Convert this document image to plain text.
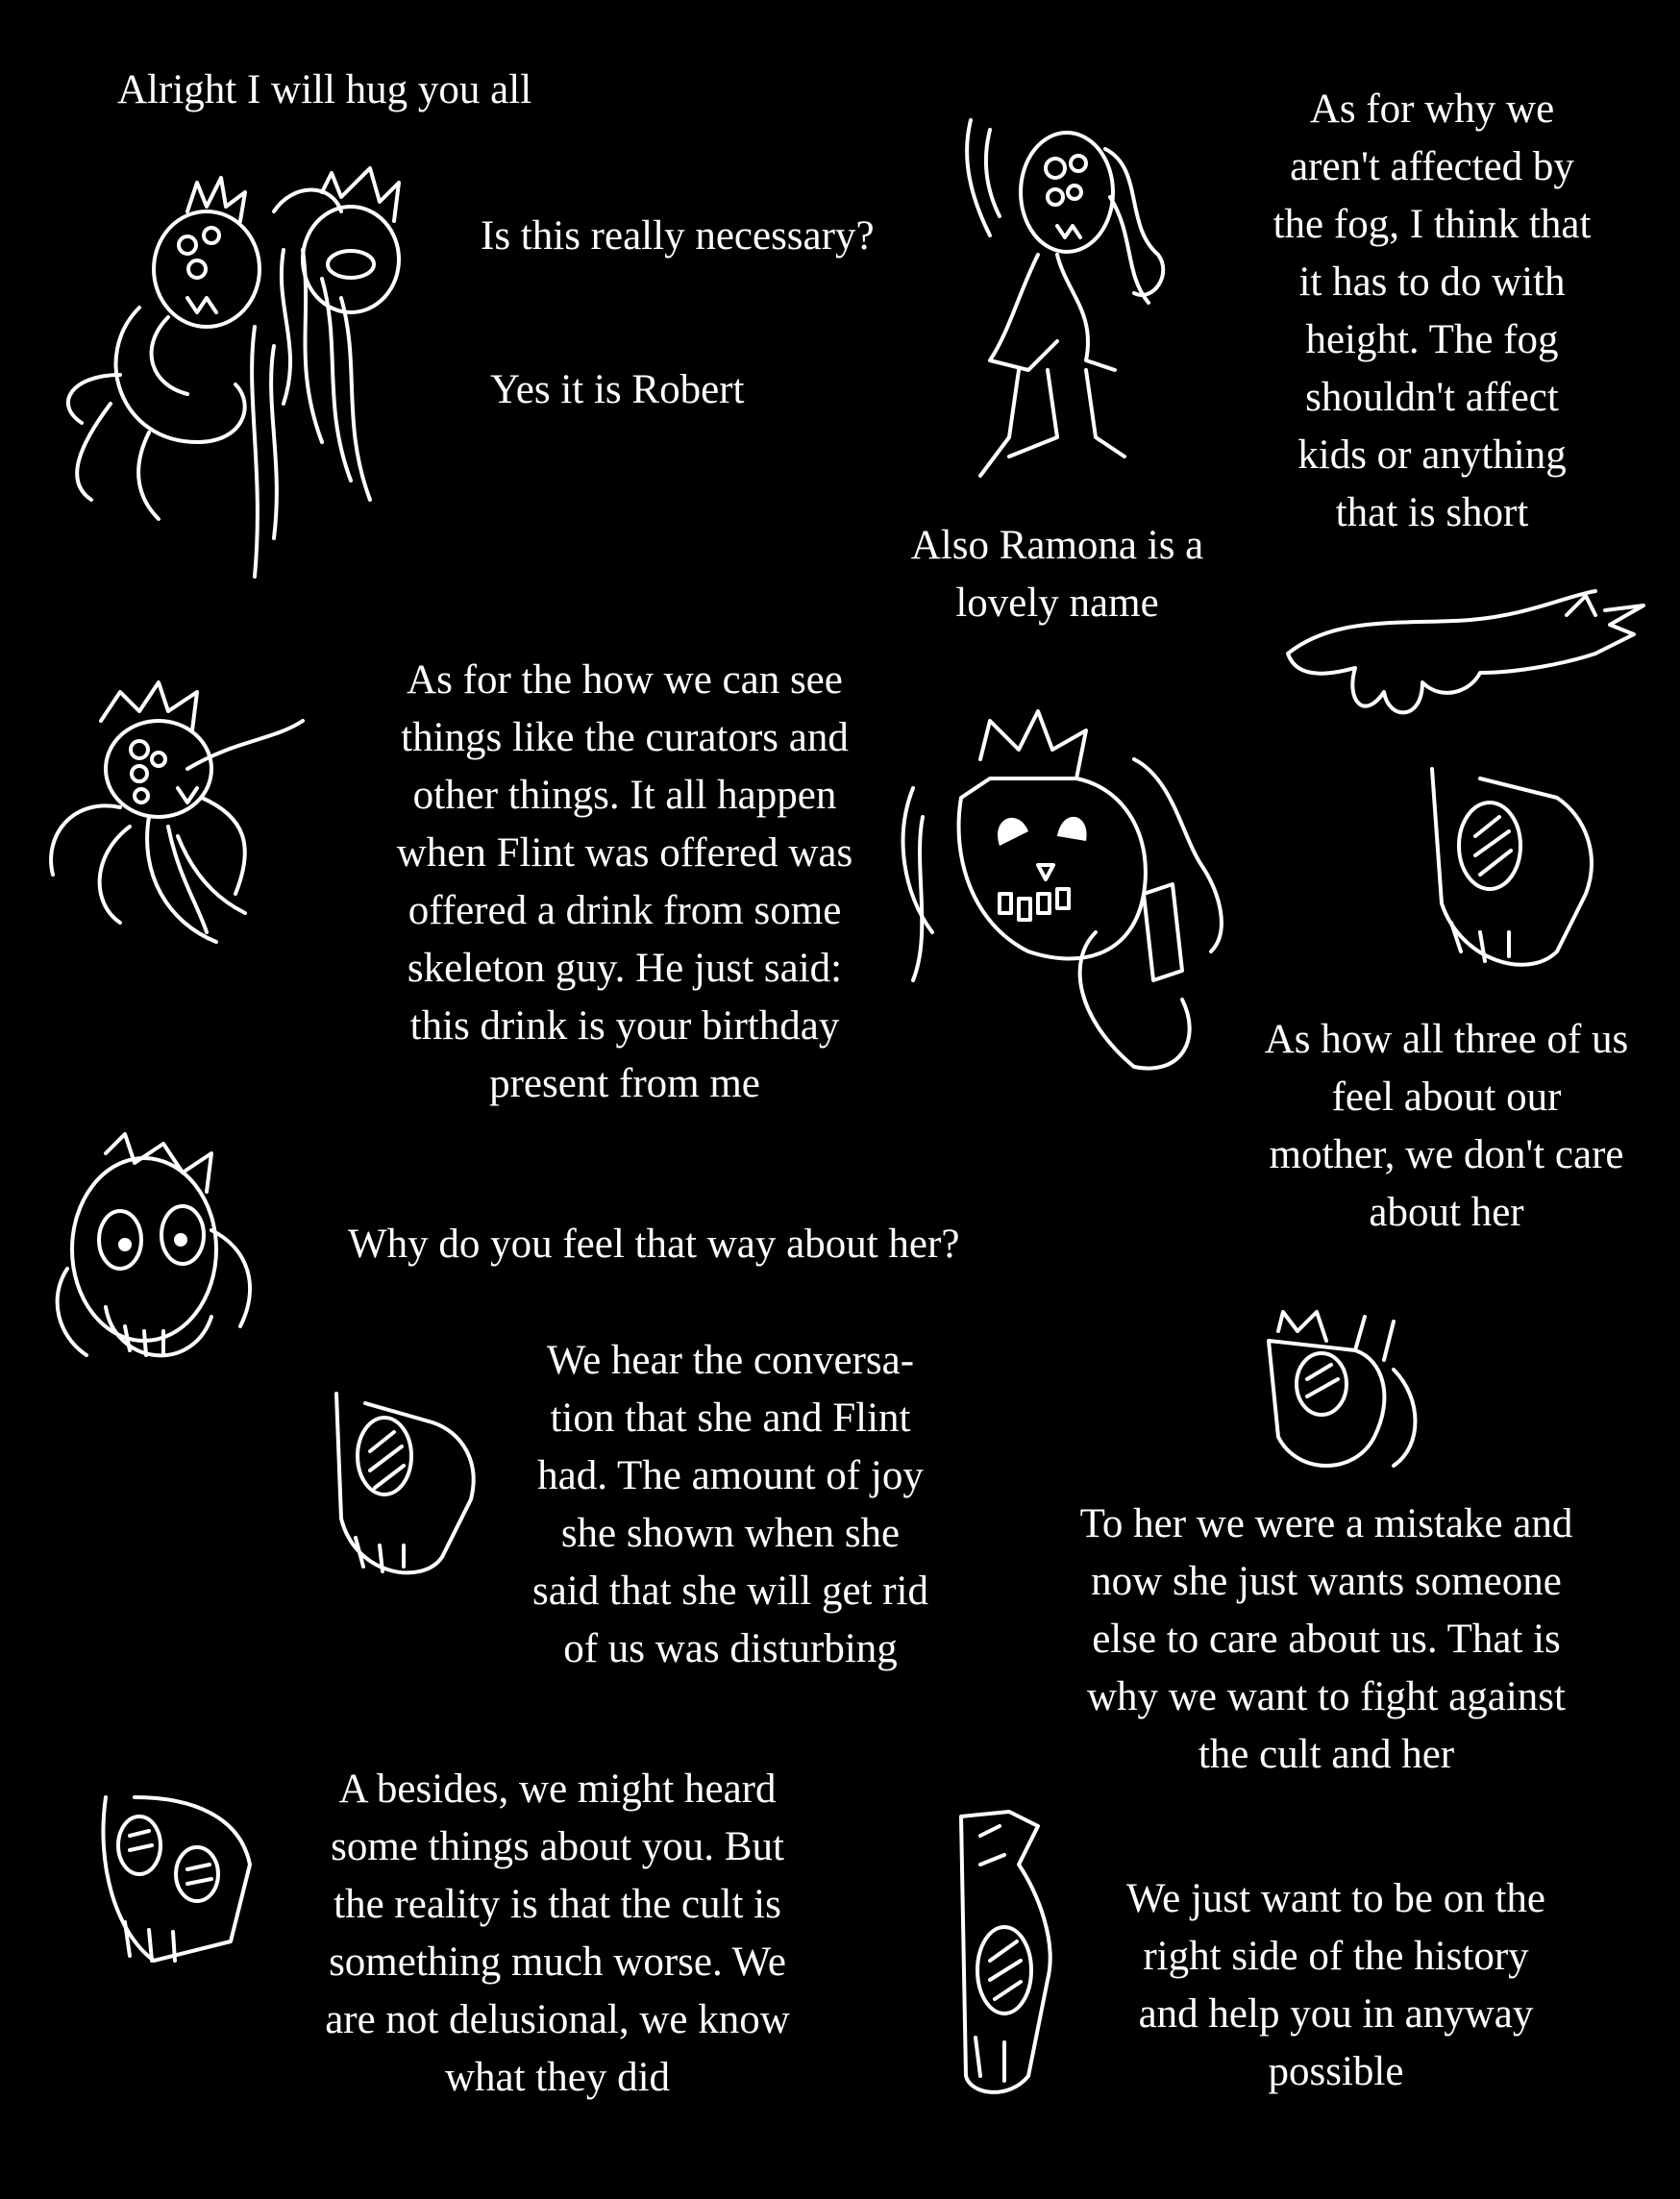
Alright I will hug you all
Is this really necessary?
Yes it is Robert
As for why we
aren't affected by
the fog, I think that
it has to do with
height. The fog
shouldn't affect
kids or anything
that is short
Also Ramona is a
lovely name
As for the how we can see
things like the curators and
other things. It all happen
when Flint was offered was
offered a drink from some
skeleton guy. He just said:
this drink is your birthday
present from me
As how all three of us
feel about our
mother, we don't care
about her
Why do you feel that way about her?
We hear the conversa-
tion that she and Flint
had. The amount of joy
she shown when she
said that she will get rid
of us was disturbing
To her we were a mistake and
now she just wants someone
else to care about us. That is
why we want to fight against
the cult and her
A besides, we might heard
some things about you. But
the reality is that the cult is
something much worse. We
are not delusional, we know
what they did
We just want to be on the
right side of the history
and help you in anyway
possible
